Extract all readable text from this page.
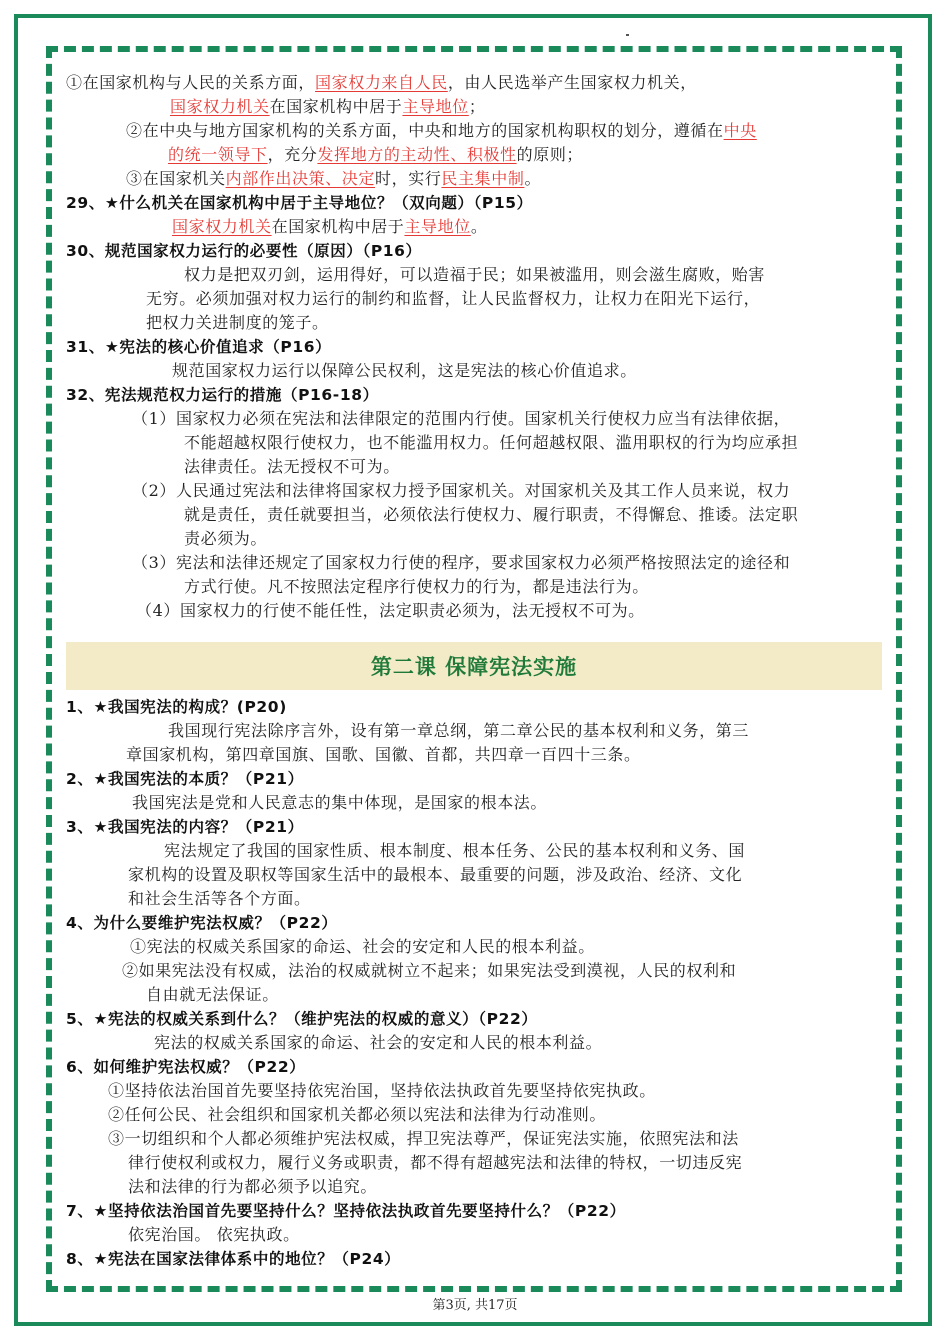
①在国家机构与人民的关系方面，国家权力来自人民，由人民选举产生国家权力机关，
国家权力机关在国家机构中居于主导地位；
②在中央与地方国家机构的关系方面，中央和地方的国家机构职权的划分，遵循在中央
的统一领导下，充分发挥地方的主动性、积极性的原则；
③在国家机关内部作出决策、决定时，实行民主集中制。
29、★什么机关在国家机构中居于主导地位？（双向题）（P15）
国家权力机关在国家机构中居于主导地位。
30、规范国家权力运行的必要性（原因）（P16）
权力是把双刃剑，运用得好，可以造福于民；如果被滥用，则会滋生腐败，贻害
无穷。必须加强对权力运行的制约和监督，让人民监督权力，让权力在阳光下运行，
把权力关进制度的笼子。
31、★宪法的核心价值追求（P16）
规范国家权力运行以保障公民权利，这是宪法的核心价值追求。
32、宪法规范权力运行的措施（P16-18）
（1）国家权力必须在宪法和法律限定的范围内行使。国家机关行使权力应当有法律依据，
不能超越权限行使权力，也不能滥用权力。任何超越权限、滥用职权的行为均应承担
法律责任。法无授权不可为。
（2）人民通过宪法和法律将国家权力授予国家机关。对国家机关及其工作人员来说，权力
就是责任，责任就要担当，必须依法行使权力、履行职责，不得懈怠、推诿。法定职
责必须为。
（3）宪法和法律还规定了国家权力行使的程序，要求国家权力必须严格按照法定的途径和
方式行使。凡不按照法定程序行使权力的行为，都是违法行为。
（4）国家权力的行使不能任性，法定职责必须为，法无授权不可为。
1、★我国宪法的构成？(P20)
我国现行宪法除序言外，设有第一章总纲，第二章公民的基本权利和义务，第三
章国家机构，第四章国旗、国歌、国徽、首都，共四章一百四十三条。
2、★我国宪法的本质？（P21）
我国宪法是党和人民意志的集中体现，是国家的根本法。
3、★我国宪法的内容？（P21）
宪法规定了我国的国家性质、根本制度、根本任务、公民的基本权利和义务、国
家机构的设置及职权等国家生活中的最根本、最重要的问题，涉及政治、经济、文化
和社会生活等各个方面。
4、为什么要维护宪法权威？（P22）
①宪法的权威关系国家的命运、社会的安定和人民的根本利益。
②如果宪法没有权威，法治的权威就树立不起来；如果宪法受到漠视，人民的权利和
自由就无法保证。
5、★宪法的权威关系到什么？（维护宪法的权威的意义）（P22）
宪法的权威关系国家的命运、社会的安定和人民的根本利益。
6、如何维护宪法权威？（P22）
①坚持依法治国首先要坚持依宪治国，坚持依法执政首先要坚持依宪执政。
②任何公民、社会组织和国家机关都必须以宪法和法律为行动准则。
③一切组织和个人都必须维护宪法权威，捍卫宪法尊严，保证宪法实施，依照宪法和法
律行使权利或权力，履行义务或职责，都不得有超越宪法和法律的特权，一切违反宪
法和法律的行为都必须予以追究。
7、★坚持依法治国首先要坚持什么？坚持依法执政首先要坚持什么？（P22）
依宪治国。 依宪执政。
8、★宪法在国家法律体系中的地位？（P24）
第二课 保障宪法实施
第3页, 共17页
